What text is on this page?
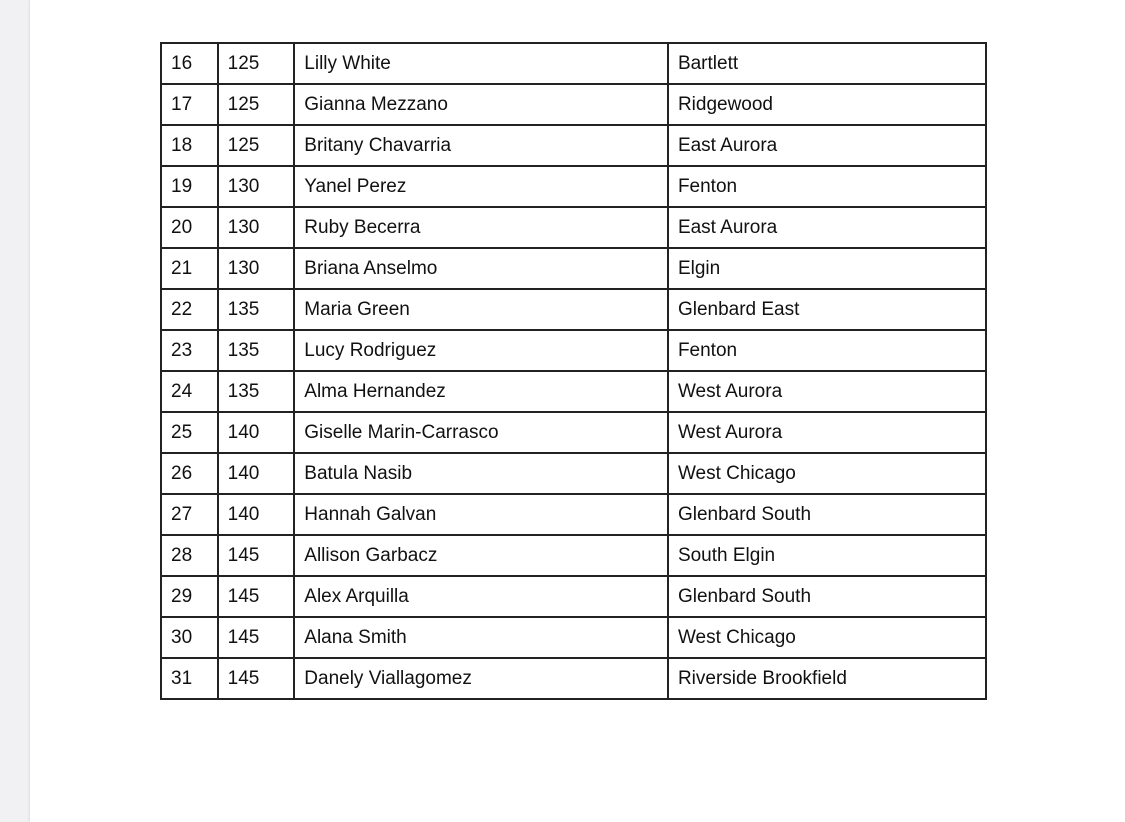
16	125	Lilly White	Bartlett
17	125	Gianna Mezzano	Ridgewood
18	125	Britany Chavarria	East Aurora
19	130	Yanel Perez	Fenton
20	130	Ruby Becerra	East Aurora
21	130	Briana Anselmo	Elgin
22	135	Maria Green	Glenbard East
23	135	Lucy Rodriguez	Fenton
24	135	Alma Hernandez	West Aurora
25	140	Giselle Marin-Carrasco	West Aurora
26	140	Batula Nasib	West Chicago
27	140	Hannah Galvan	Glenbard South
28	145	Allison Garbacz	South Elgin
29	145	Alex Arquilla	Glenbard South
30	145	Alana Smith	West Chicago
31	145	Danely Viallagomez	Riverside Brookfield
